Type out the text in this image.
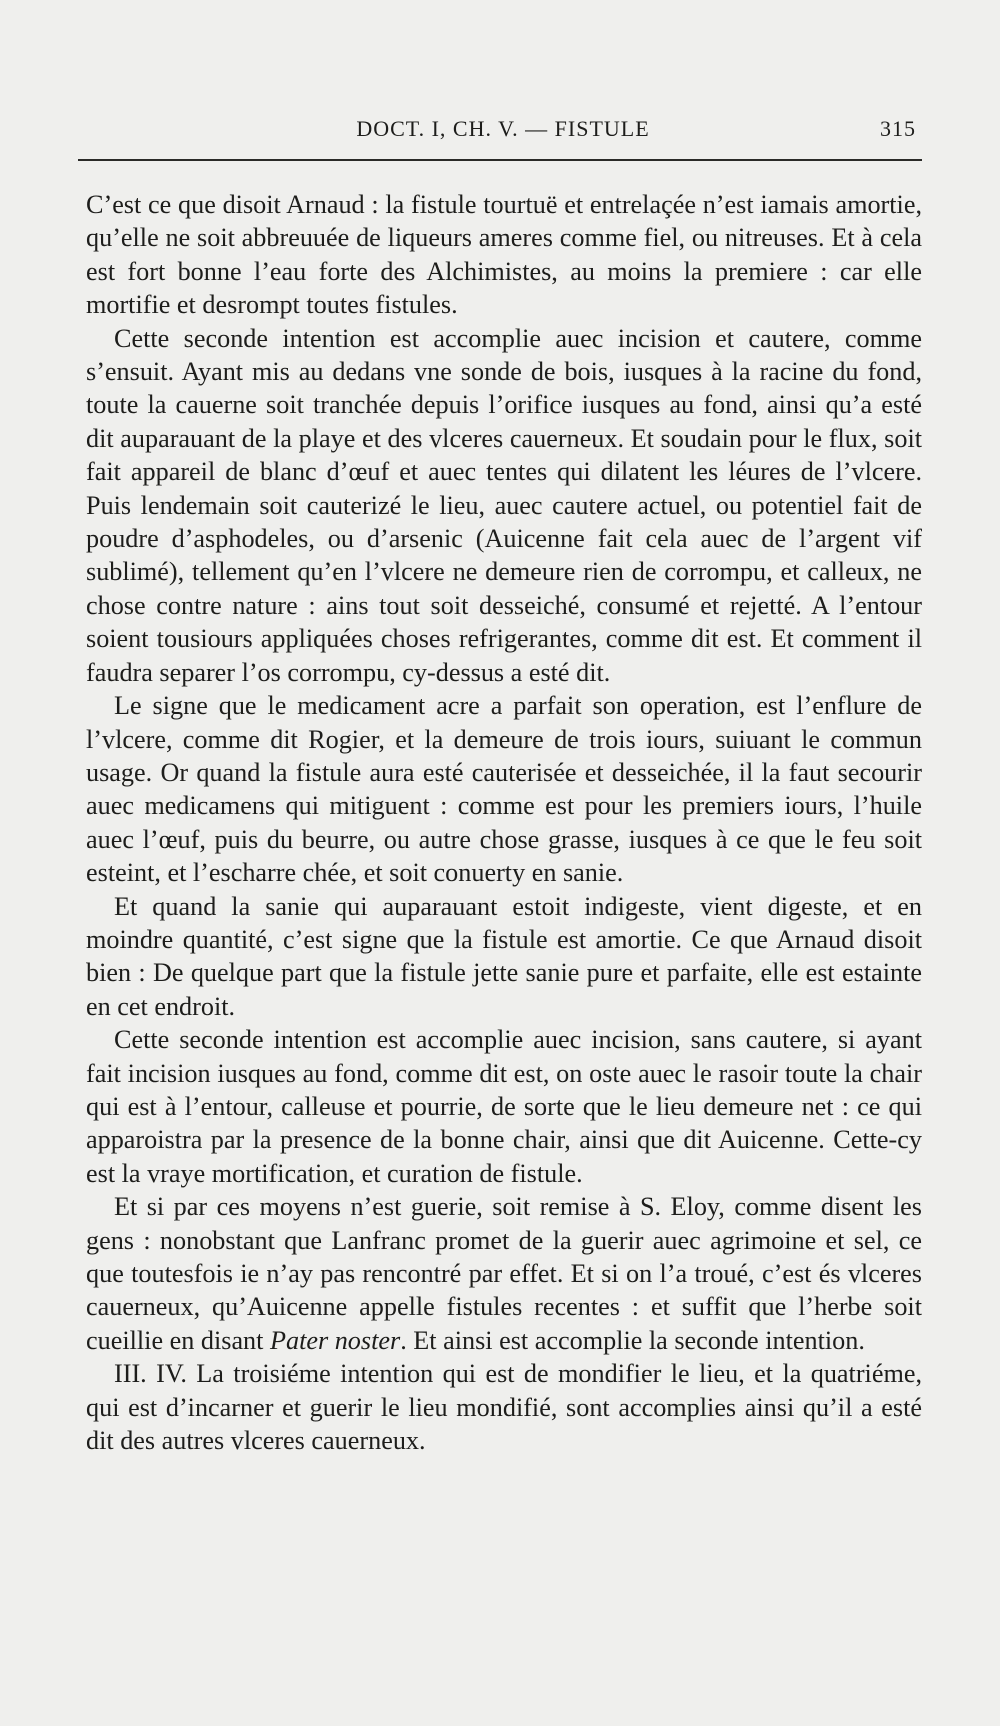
DOCT. I, CH. V. — FISTULE	315

C’est ce que disoit Arnaud : la fistule tourtuë et entrelaçée n’est iamais amortie, qu’elle ne soit abbreuuée de liqueurs ameres comme fiel, ou nitreuses. Et à cela est fort bonne l’eau forte des Alchimistes, au moins la premiere : car elle mortifie et desrompt toutes fistules.

Cette seconde intention est accomplie auec incision et cautere, comme s’ensuit. Ayant mis au dedans vne sonde de bois, iusques à la racine du fond, toute la cauerne soit tranchée depuis l’orifice iusques au fond, ainsi qu’a esté dit auparauant de la playe et des vlceres cauerneux. Et soudain pour le flux, soit fait appareil de blanc d’œuf et auec tentes qui dilatent les léures de l’vlcere. Puis lendemain soit cauterizé le lieu, auec cautere actuel, ou potentiel fait de poudre d’asphodeles, ou d’arsenic (Auicenne fait cela auec de l’argent vif sublimé), tellement qu’en l’vlcere ne demeure rien de corrompu, et calleux, ne chose contre nature : ains tout soit desseiché, consumé et rejetté. A l’entour soient tousiours appliquées choses refrigerantes, comme dit est. Et comment il faudra separer l’os corrompu, cy-dessus a esté dit.

Le signe que le medicament acre a parfait son operation, est l’enflure de l’vlcere, comme dit Rogier, et la demeure de trois iours, suiuant le commun usage. Or quand la fistule aura esté cauterisée et desseichée, il la faut secourir auec medicamens qui mitiguent : comme est pour les premiers iours, l’huile auec l’œuf, puis du beurre, ou autre chose grasse, iusques à ce que le feu soit esteint, et l’escharre chée, et soit conuerty en sanie.

Et quand la sanie qui auparauant estoit indigeste, vient digeste, et en moindre quantité, c’est signe que la fistule est amortie. Ce que Arnaud disoit bien : De quelque part que la fistule jette sanie pure et parfaite, elle est estainte en cet endroit.

Cette seconde intention est accomplie auec incision, sans cautere, si ayant fait incision iusques au fond, comme dit est, on oste auec le rasoir toute la chair qui est à l’entour, calleuse et pourrie, de sorte que le lieu demeure net : ce qui apparoistra par la presence de la bonne chair, ainsi que dit Auicenne. Cette-cy est la vraye mortification, et curation de fistule.

Et si par ces moyens n’est guerie, soit remise à S. Eloy, comme disent les gens : nonobstant que Lanfranc promet de la guerir auec agrimoine et sel, ce que toutesfois ie n’ay pas rencontré par effet. Et si on l’a troué, c’est és vlceres cauerneux, qu’Auicenne appelle fistules recentes : et suffit que l’herbe soit cueillie en disant Pater noster. Et ainsi est accomplie la seconde intention.

III. IV. La troisiéme intention qui est de mondifier le lieu, et la quatriéme, qui est d’incarner et guerir le lieu mondifié, sont accomplies ainsi qu’il a esté dit des autres vlceres cauerneux.
